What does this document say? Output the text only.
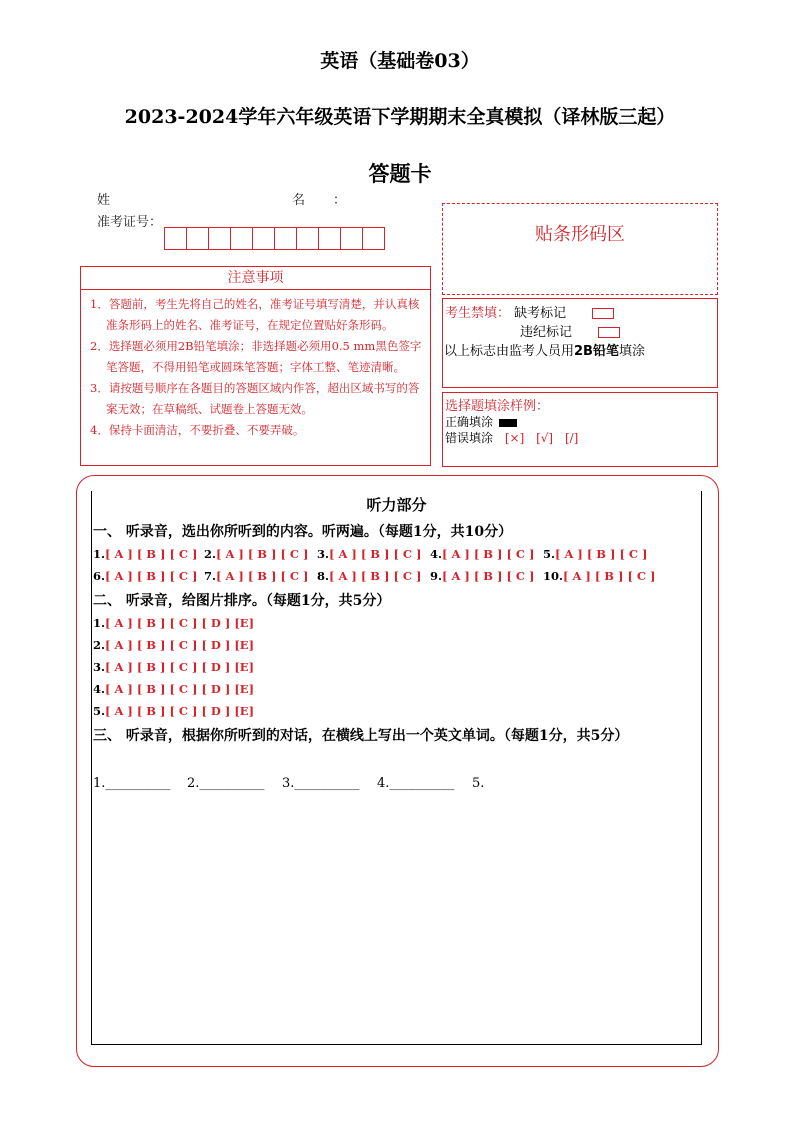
英语（基础卷03）
2023-2024学年六年级英语下学期期末全真模拟（译林版三起）
答题卡
姓	名 ：
准考证号：
贴条形码区
注意事项
1．答题前，考生先将自己的姓名，准考证号填写清楚，并认真核准条形码上的姓名、准考证号，在规定位置贴好条形码。
2．选择题必须用2B铅笔填涂；非选择题必须用0.5 mm黑色签字笔答题，不得用铅笔或圆珠笔答题；字体工整、笔迹清晰。
3．请按题号顺序在各题目的答题区域内作答，超出区域书写的答案无效；在草稿纸、试题卷上答题无效。
4．保持卡面清洁，不要折叠、不要弄破。
考生禁填： 缺考标记
违纪标记
以上标志由监考人员用2B铅笔填涂
选择题填涂样例：
正确填涂
错误填涂 [×] [√] [/]
听力部分
一、 听录音，选出你所听到的内容。听两遍。（每题1分，共10分）
1.[ A ] [ B ] [ C ] 2.[ A ] [ B ] [ C ] 3.[ A ] [ B ] [ C ] 4.[ A ] [ B ] [ C ] 5.[ A ] [ B ] [ C ]
6.[ A ] [ B ] [ C ] 7.[ A ] [ B ] [ C ] 8.[ A ] [ B ] [ C ] 9.[ A ] [ B ] [ C ] 10.[ A ] [ B ] [ C ]
二、 听录音，给图片排序。（每题1分，共5分）
1.[ A ] [ B ] [ C ] [ D ] [E]
2.[ A ] [ B ] [ C ] [ D ] [E]
3.[ A ] [ B ] [ C ] [ D ] [E]
4.[ A ] [ B ] [ C ] [ D ] [E]
5.[ A ] [ B ] [ C ] [ D ] [E]
三、 听录音，根据你所听到的对话，在横线上写出一个英文单词。（每题1分，共5分）
1.__________ 2.__________ 3.__________ 4.__________ 5.
